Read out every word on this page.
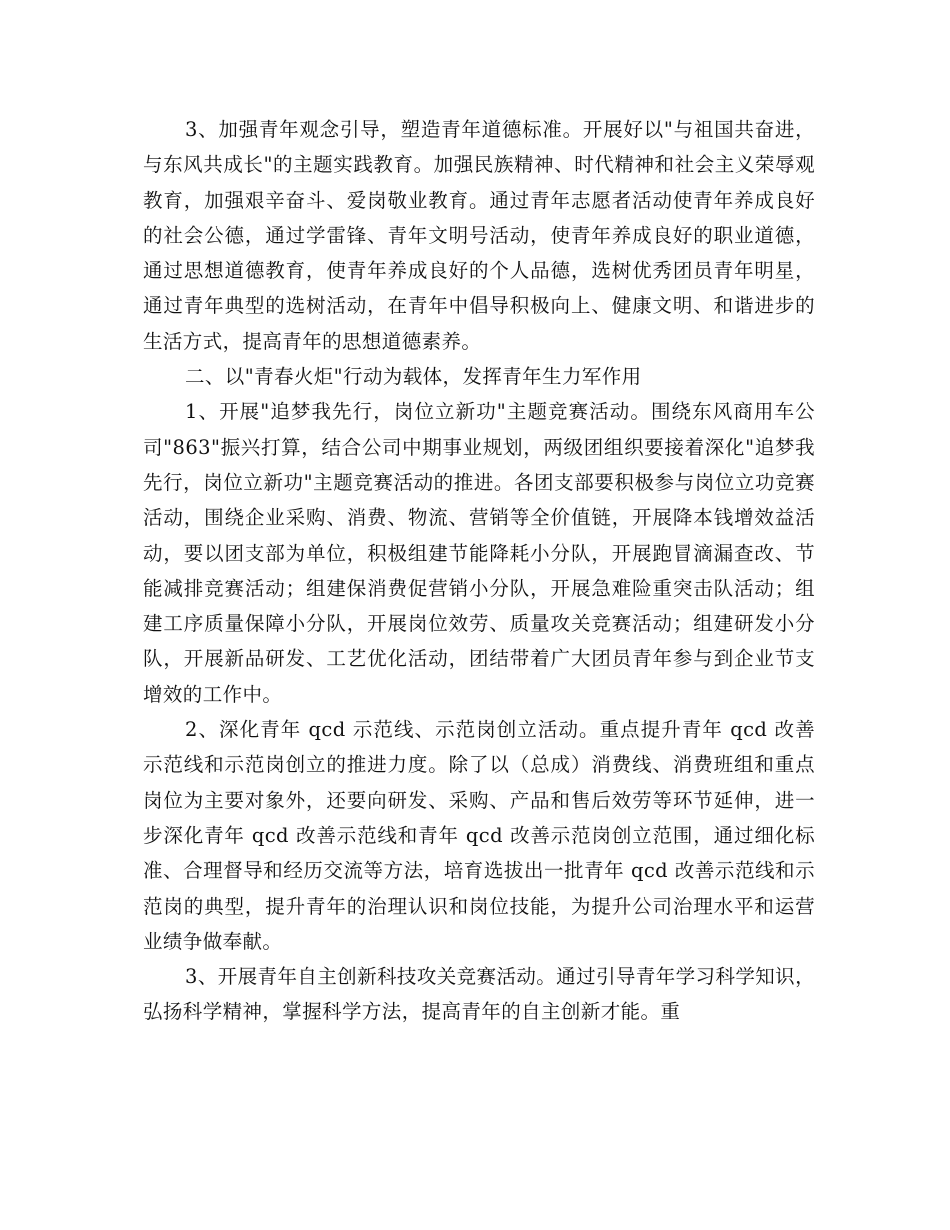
3、加强青年观念引导，塑造青年道德标准。开展好以"与祖国共奋进，与东风共成长"的主题实践教育。加强民族精神、时代精神和社会主义荣辱观教育，加强艰辛奋斗、爱岗敬业教育。通过青年志愿者活动使青年养成良好的社会公德，通过学雷锋、青年文明号活动，使青年养成良好的职业道德，通过思想道德教育，使青年养成良好的个人品德，选树优秀团员青年明星，通过青年典型的选树活动，在青年中倡导积极向上、健康文明、和谐进步的生活方式，提高青年的思想道德素养。

二、以"青春火炬"行动为载体，发挥青年生力军作用

1、开展"追梦我先行，岗位立新功"主题竞赛活动。围绕东风商用车公司"863"振兴打算，结合公司中期事业规划，两级团组织要接着深化"追梦我先行，岗位立新功"主题竞赛活动的推进。各团支部要积极参与岗位立功竞赛活动，围绕企业采购、消费、物流、营销等全价值链，开展降本钱增效益活动，要以团支部为单位，积极组建节能降耗小分队，开展跑冒滴漏查改、节能减排竞赛活动；组建保消费促营销小分队，开展急难险重突击队活动；组建工序质量保障小分队，开展岗位效劳、质量攻关竞赛活动；组建研发小分队，开展新品研发、工艺优化活动，团结带着广大团员青年参与到企业节支增效的工作中。

2、深化青年 qcd 示范线、示范岗创立活动。重点提升青年 qcd 改善示范线和示范岗创立的推进力度。除了以（总成）消费线、消费班组和重点岗位为主要对象外，还要向研发、采购、产品和售后效劳等环节延伸，进一步深化青年 qcd 改善示范线和青年 qcd 改善示范岗创立范围，通过细化标准、合理督导和经历交流等方法，培育选拔出一批青年 qcd 改善示范线和示范岗的典型，提升青年的治理认识和岗位技能，为提升公司治理水平和运营业绩争做奉献。

3、开展青年自主创新科技攻关竞赛活动。通过引导青年学习科学知识，弘扬科学精神，掌握科学方法，提高青年的自主创新才能。重
